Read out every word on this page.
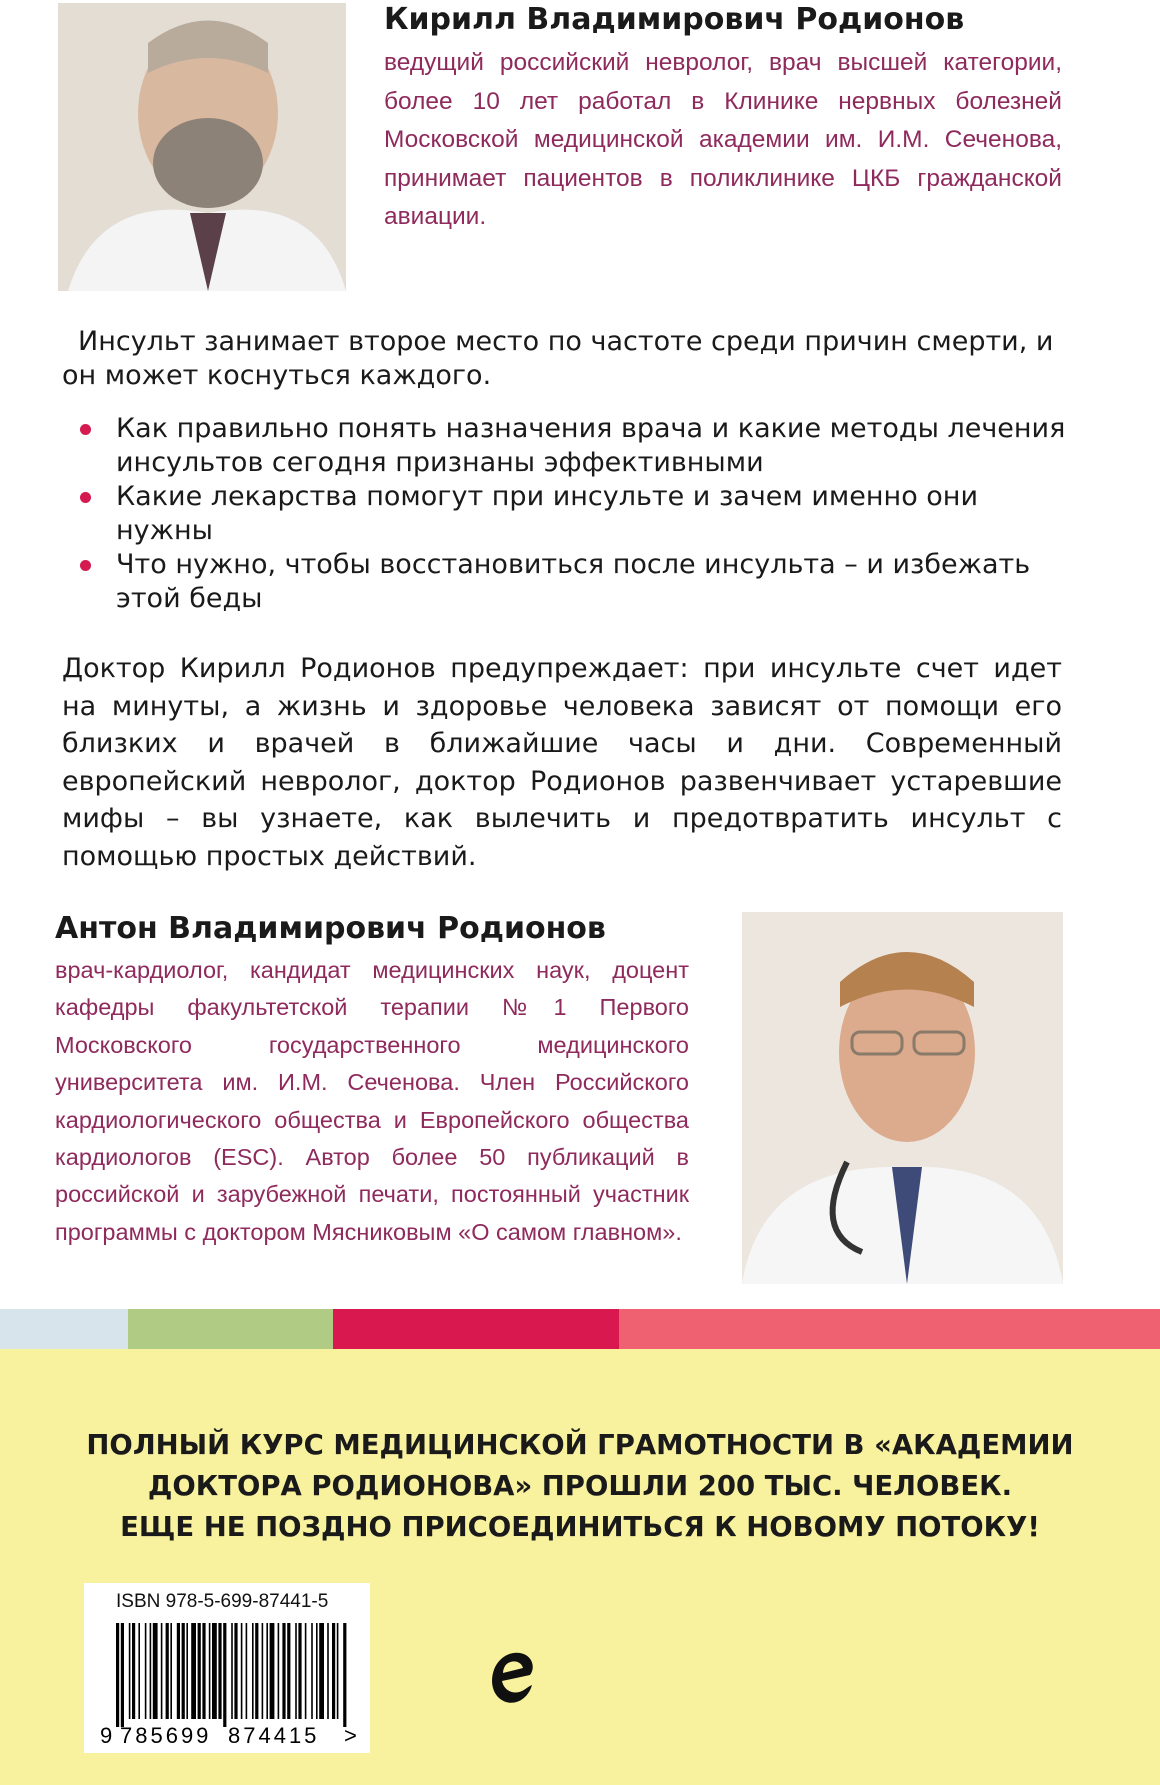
Кирилл Владимирович Родионов

ведущий российский невролог, врач высшей категории, более 10 лет работал в Клинике нервных болезней Московской медицинской академии им. И.М. Сеченова, принимает пациентов в поликлинике ЦКБ гражданской авиации.

Инсульт занимает второе место по частоте среди причин смерти, и он может коснуться каждого.

Как правильно понять назначения врача и какие методы лечения инсультов сегодня признаны эффективными
Какие лекарства помогут при инсульте и зачем именно они нужны
Что нужно, чтобы восстановиться после инсульта – и избежать этой беды

Доктор Кирилл Родионов предупреждает: при инсульте счет идет на минуты, а жизнь и здоровье человека зависят от помощи его близких и врачей в ближайшие часы и дни. Современный европейский невролог, доктор Родионов развенчивает устаревшие мифы – вы узнаете, как вылечить и предотвратить инсульт с помощью простых действий.

Антон Владимирович Родионов

врач-кардиолог, кандидат медицинских наук, доцент кафедры факультетской терапии №1 Первого Московского государственного медицинского университета им. И.М. Сеченова. Член Российского кардиологического общества и Европейского общества кардиологов (ESC). Автор более 50 публикаций в российской и зарубежной печати, постоянный участник программы с доктором Мясниковым «О самом главном».

ПОЛНЫЙ КУРС МЕДИЦИНСКОЙ ГРАМОТНОСТИ В «АКАДЕМИИ
ДОКТОРА РОДИОНОВА» ПРОШЛИ 200 ТЫС. ЧЕЛОВЕК.
ЕЩЕ НЕ ПОЗДНО ПРИСОЕДИНИТЬСЯ К НОВОМУ ПОТОКУ!

ISBN 978-5-699-87441-5
9 785699 874415 >
